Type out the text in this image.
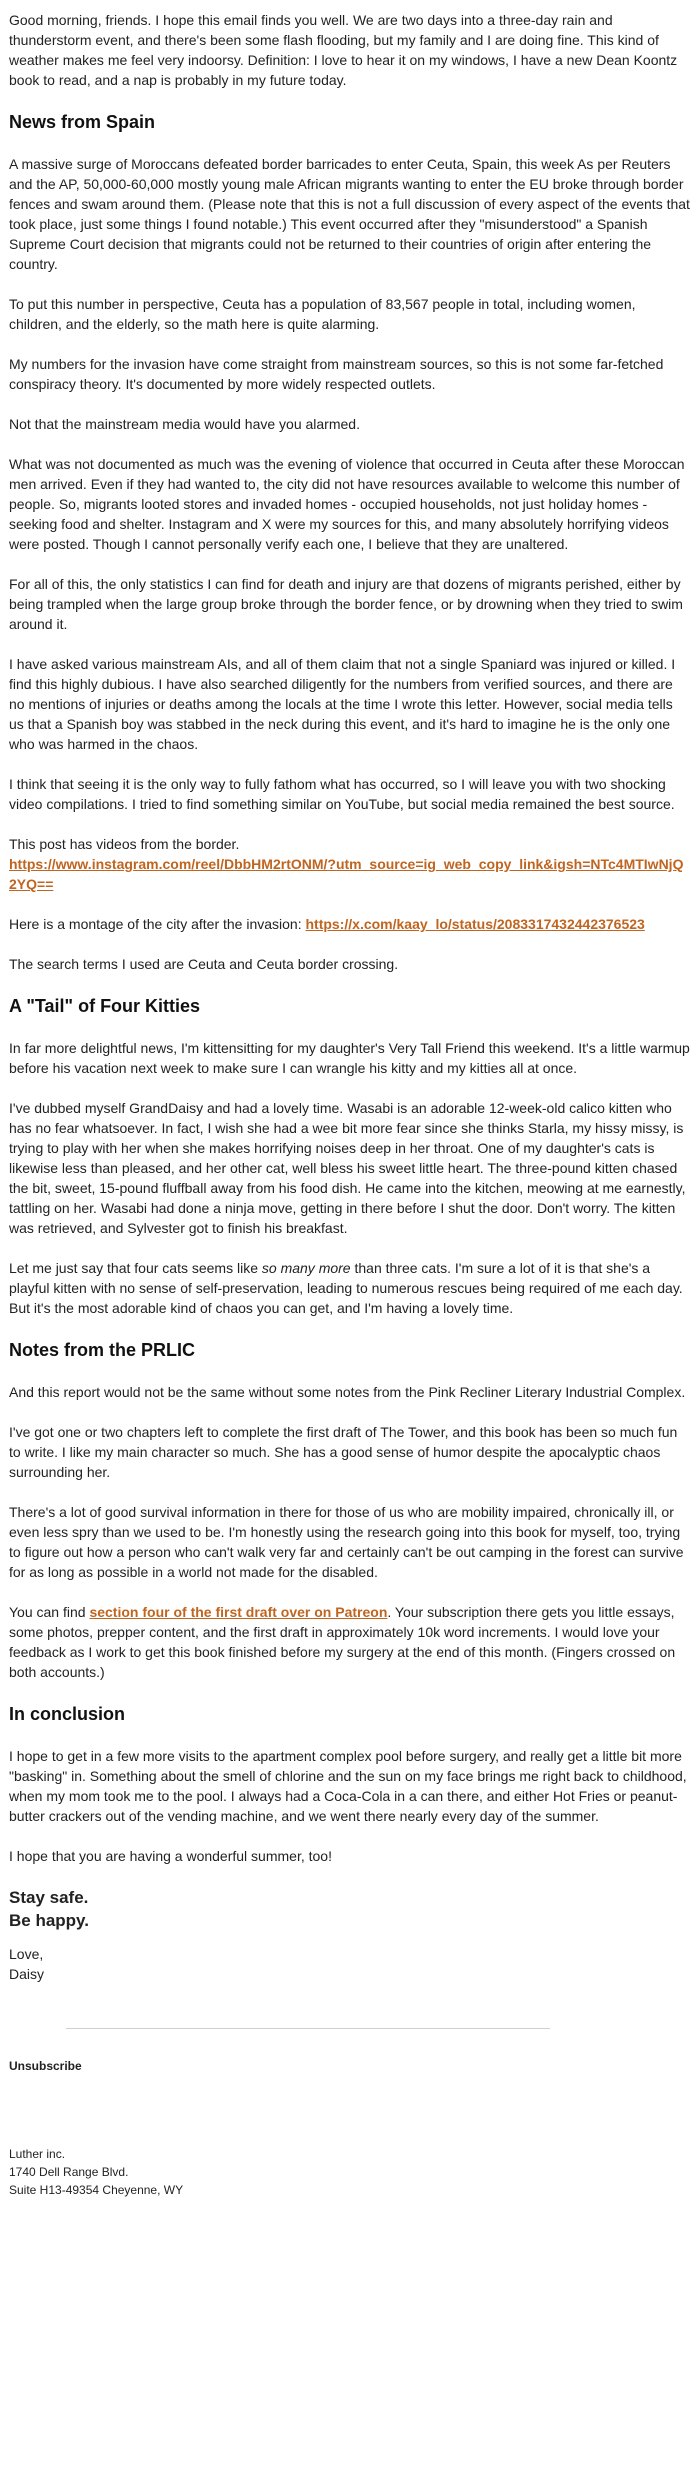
Good morning, friends. I hope this email finds you well. We are two days into a three-day rain and thunderstorm event, and there's been some flash flooding, but my family and I are doing fine. This kind of weather makes me feel very indoorsy. Definition: I love to hear it on my windows, I have a new Dean Koontz book to read, and a nap is probably in my future today.

News from Spain

A massive surge of Moroccans defeated border barricades to enter Ceuta, Spain, this week As per Reuters and the AP, 50,000-60,000 mostly young male African migrants wanting to enter the EU broke through border fences and swam around them. (Please note that this is not a full discussion of every aspect of the events that took place, just some things I found notable.) This event occurred after they "misunderstood" a Spanish Supreme Court decision that migrants could not be returned to their countries of origin after entering the country.

To put this number in perspective, Ceuta has a population of 83,567 people in total, including women, children, and the elderly, so the math here is quite alarming.

My numbers for the invasion have come straight from mainstream sources, so this is not some far-fetched conspiracy theory. It's documented by more widely respected outlets.

Not that the mainstream media would have you alarmed.

What was not documented as much was the evening of violence that occurred in Ceuta after these Moroccan men arrived. Even if they had wanted to, the city did not have resources available to welcome this number of people. So, migrants looted stores and invaded homes - occupied households, not just holiday homes - seeking food and shelter. Instagram and X were my sources for this, and many absolutely horrifying videos were posted. Though I cannot personally verify each one, I believe that they are unaltered.

For all of this, the only statistics I can find for death and injury are that dozens of migrants perished, either by being trampled when the large group broke through the border fence, or by drowning when they tried to swim around it.

I have asked various mainstream AIs, and all of them claim that not a single Spaniard was injured or killed. I find this highly dubious. I have also searched diligently for the numbers from verified sources, and there are no mentions of injuries or deaths among the locals at the time I wrote this letter. However, social media tells us that a Spanish boy was stabbed in the neck during this event, and it's hard to imagine he is the only one who was harmed in the chaos.

I think that seeing it is the only way to fully fathom what has occurred, so I will leave you with two shocking video compilations. I tried to find something similar on YouTube, but social media remained the best source.

This post has videos from the border.
https://www.instagram.com/reel/DbbHM2rtONM/?utm_source=ig_web_copy_link&igsh=NTc4MTIwNjQ2YQ==

Here is a montage of the city after the invasion: https://x.com/kaay_lo/status/2083317432442376523

The search terms I used are Ceuta and Ceuta border crossing.

A "Tail" of Four Kitties

In far more delightful news, I'm kittensitting for my daughter's Very Tall Friend this weekend. It's a little warmup before his vacation next week to make sure I can wrangle his kitty and my kitties all at once.

I've dubbed myself GrandDaisy and had a lovely time. Wasabi is an adorable 12-week-old calico kitten who has no fear whatsoever. In fact, I wish she had a wee bit more fear since she thinks Starla, my hissy missy, is trying to play with her when she makes horrifying noises deep in her throat. One of my daughter's cats is likewise less than pleased, and her other cat, well bless his sweet little heart. The three-pound kitten chased the bit, sweet, 15-pound fluffball away from his food dish. He came into the kitchen, meowing at me earnestly, tattling on her. Wasabi had done a ninja move, getting in there before I shut the door. Don't worry. The kitten was retrieved, and Sylvester got to finish his breakfast.

Let me just say that four cats seems like so many more than three cats. I'm sure a lot of it is that she's a playful kitten with no sense of self-preservation, leading to numerous rescues being required of me each day. But it's the most adorable kind of chaos you can get, and I'm having a lovely time.

Notes from the PRLIC

And this report would not be the same without some notes from the Pink Recliner Literary Industrial Complex.

I've got one or two chapters left to complete the first draft of The Tower, and this book has been so much fun to write. I like my main character so much. She has a good sense of humor despite the apocalyptic chaos surrounding her.

There's a lot of good survival information in there for those of us who are mobility impaired, chronically ill, or even less spry than we used to be. I'm honestly using the research going into this book for myself, too, trying to figure out how a person who can't walk very far and certainly can't be out camping in the forest can survive for as long as possible in a world not made for the disabled.

You can find section four of the first draft over on Patreon. Your subscription there gets you little essays, some photos, prepper content, and the first draft in approximately 10k word increments. I would love your feedback as I work to get this book finished before my surgery at the end of this month. (Fingers crossed on both accounts.)

In conclusion

I hope to get in a few more visits to the apartment complex pool before surgery, and really get a little bit more "basking" in. Something about the smell of chlorine and the sun on my face brings me right back to childhood, when my mom took me to the pool. I always had a Coca-Cola in a can there, and either Hot Fries or peanut-butter crackers out of the vending machine, and we went there nearly every day of the summer.

I hope that you are having a wonderful summer, too!

Stay safe.
Be happy.
Love,
Daisy
Unsubscribe
Luther inc.
1740 Dell Range Blvd.
Suite H13-49354 Cheyenne, WY
